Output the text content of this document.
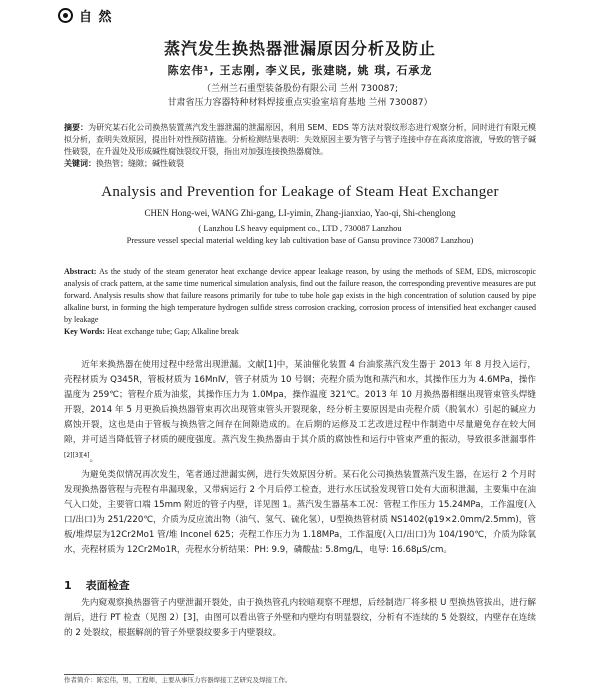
自 然
蒸汽发生换热器泄漏原因分析及防止
陈宏伟¹, 王志刚, 李义民, 张建晓, 姚 琪, 石承龙
（兰州兰石重型装备股份有限公司 兰州 730087;
甘肃省压力容器特种材料焊接重点实验室培育基地 兰州 730087）
摘要：为研究某石化公司换热装置蒸汽发生器泄漏的泄漏原因，利用 SEM、EDS 等方法对裂纹形态进行观察分析，同时进行有限元模拟分析，查明失效原因，提出针对性预防措施。分析检测结果表明：失效原因主要为管子与管子连接中存在高浓度溶液，导致的管子碱性破裂，在升温处及形成碱性腐蚀裂纹开裂，指出对加强连接换热器腐蚀。
关键词：换热管；缝隙；碱性破裂
Analysis and Prevention for Leakage of Steam Heat Exchanger
CHEN Hong-wei, WANG Zhi-gang, LI-yimin, Zhang-jianxiao, Yao-qi, Shi-chenglong
( Lanzhou LS heavy equipment co., LTD , 730087 Lanzhou
Pressure vessel special material welding key lab cultivation base of Gansu province 730087 Lanzhou)
Abstract: As the study of the steam generator heat exchange device appear leakage reason, by using the methods of SEM, EDS, microscopic analysis of crack pattern, at the same time numerical simulation analysis, find out the failure reason, the corresponding preventive measures are put forward. Analysis results show that failure reasons primarily for tube to tube hole gap exists in the high concentration of solution caused by pipe alkaline burst, in forming the high temperature hydrogen sulfide stress corrosion cracking, corrosion process of intensified heat exchanger caused by leakage
Key Words: Heat exchange tube; Gap; Alkaline break

近年来换热器在使用过程中经常出现泄漏。文献[1]中，某油催化装置 4 台油浆蒸汽发生器于 2013 年 8 月投入运行，壳程材质为 Q345R，管板材质为 16MnⅣ，管子材质为 10 号钢；壳程介质为饱和蒸汽和水，其操作压力为 4.6MPa，操作温度为 259℃；管程介质为油浆，其操作压力为 1.0Mpa，操作温度 321℃。2013 年 10 月换热器相继出现管束管头焊缝开裂，2014 年 5 月更换后换热器管束再次出现管束管头开裂现象，经分析主要原因是由壳程介质（脱氧水）引起的碱应力腐蚀开裂，这也是由于管板与换热管之间存在间隙造成的。在后期的运修及工艺改进过程中作制造中尽量避免存在较大间隙，并可适当降低管子材质的硬度强度。蒸汽发生换热器由于其介质的腐蚀性和运行中管束严重的振动，导致很多泄漏事件[2][3][4]。

为避免类似情况再次发生，笔者通过泄漏实例，进行失效原因分析。某石化公司换热装置蒸汽发生器，在运行 2 个月时发现换热器管程与壳程有串漏现象，又带病运行 2 个月后停工检查，进行水压试验发现管口处有大面积泄漏，主要集中在油气入口处，主要管口端 15mm 附近的管子内壁，详见图 1。蒸汽发生器基本工况：管程工作压力 15.24MPa，工作温度(入口/出口)为 251/220℃，介质为反应流出物（油气、氢气、硫化氢），U型换热管材质 NS1402(φ19×2.0mm/2.5mm)，管板/堆焊层为12Cr2Mo1 管/堆 Inconel 625；壳程工作压力为 1.18MPa，工作温度(入口/出口)为 104/190℃，介质为除氧水，壳程材质为 12Cr2Mo1R，壳程水分析结果：PH: 9.9，磷酸盐: 5.8mg/L，电导: 16.68μS/cm。

1 表面检查

先内窥观察换热器管子内壁泄漏开裂处，由于换热管孔内较暗观察不理想，后经制造厂将多根 U 型换热管拔出，进行解剖后，进行 PT 检查（见图 2）[3]，由图可以看出管子外壁和内壁均有明显裂纹，分析有不连续的 5 处裂纹，内壁存在连续的 2 处裂纹，根据解剖的管子外壁裂纹要多于内壁裂纹。

作者简介：陈宏伟，男，工程师，主要从事压力容器焊接工艺研究及焊接工作。
